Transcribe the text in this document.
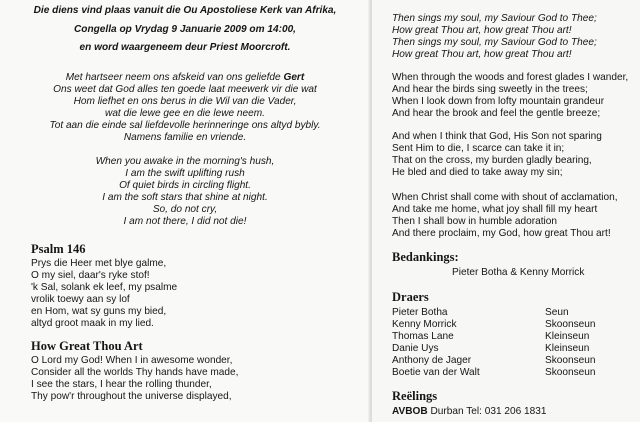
Die diens vind plaas vanuit die Ou Apostoliese Kerk van Afrika,

Congella op Vrydag 9 Januarie 2009 om 14:00,

en word waargeneem deur Priest Moorcroft.

Met hartseer neem ons afskeid van ons geliefde Gert

Ons weet dat God alles ten goede laat meewerk vir die wat

Hom liefhet en ons berus in die Wil van die Vader,

wat die lewe gee en die lewe neem.

Tot aan die einde sal liefdevolle herinneringe ons altyd bybly.

Namens familie en vriende.

When you awake in the morning's hush,

I am the swift uplifting rush

Of quiet birds in circling flight.

I am the soft stars that shine at night.

So, do not cry,

I am not there, I did not die!

Psalm 146

Prys die Heer met blye galme,

O my siel, daar's ryke stof!

'k Sal, solank ek leef, my psalme

vrolik toewy aan sy lof

en Hom, wat sy guns my bied,

altyd groot maak in my lied.

How Great Thou Art

O Lord my God! When I in awesome wonder,

Consider all the worlds Thy hands have made,

I see the stars, I hear the rolling thunder,

Thy pow'r throughout the universe displayed,

Then sings my soul, my Saviour God to Thee;

How great Thou art, how great Thou art!

Then sings my soul, my Saviour God to Thee;

How great Thou art, how great Thou art!

When through the woods and forest glades I wander,

And hear the birds sing sweetly in the trees;

When I look down from lofty mountain grandeur

And hear the brook and feel the gentle breeze;

And when I think that God, His Son not sparing

Sent Him to die, I scarce can take it in;

That on the cross, my burden gladly bearing,

He bled and died to take away my sin;

When Christ shall come with shout of acclamation,

And take me home, what joy shall fill my heart

Then I shall bow in humble adoration

And there proclaim, my God, how great Thou art!

Bedankings:

Pieter Botha & Kenny Morrick

Draers

Pieter Botha	Seun

Kenny Morrick	Skoonseun

Thomas Lane	Kleinseun

Danie Uys	Kleinseun

Anthony de Jager	Skoonseun

Boetie van der Walt	Skoonseun

Reëlings

AVBOB Durban Tel: 031 206 1831
